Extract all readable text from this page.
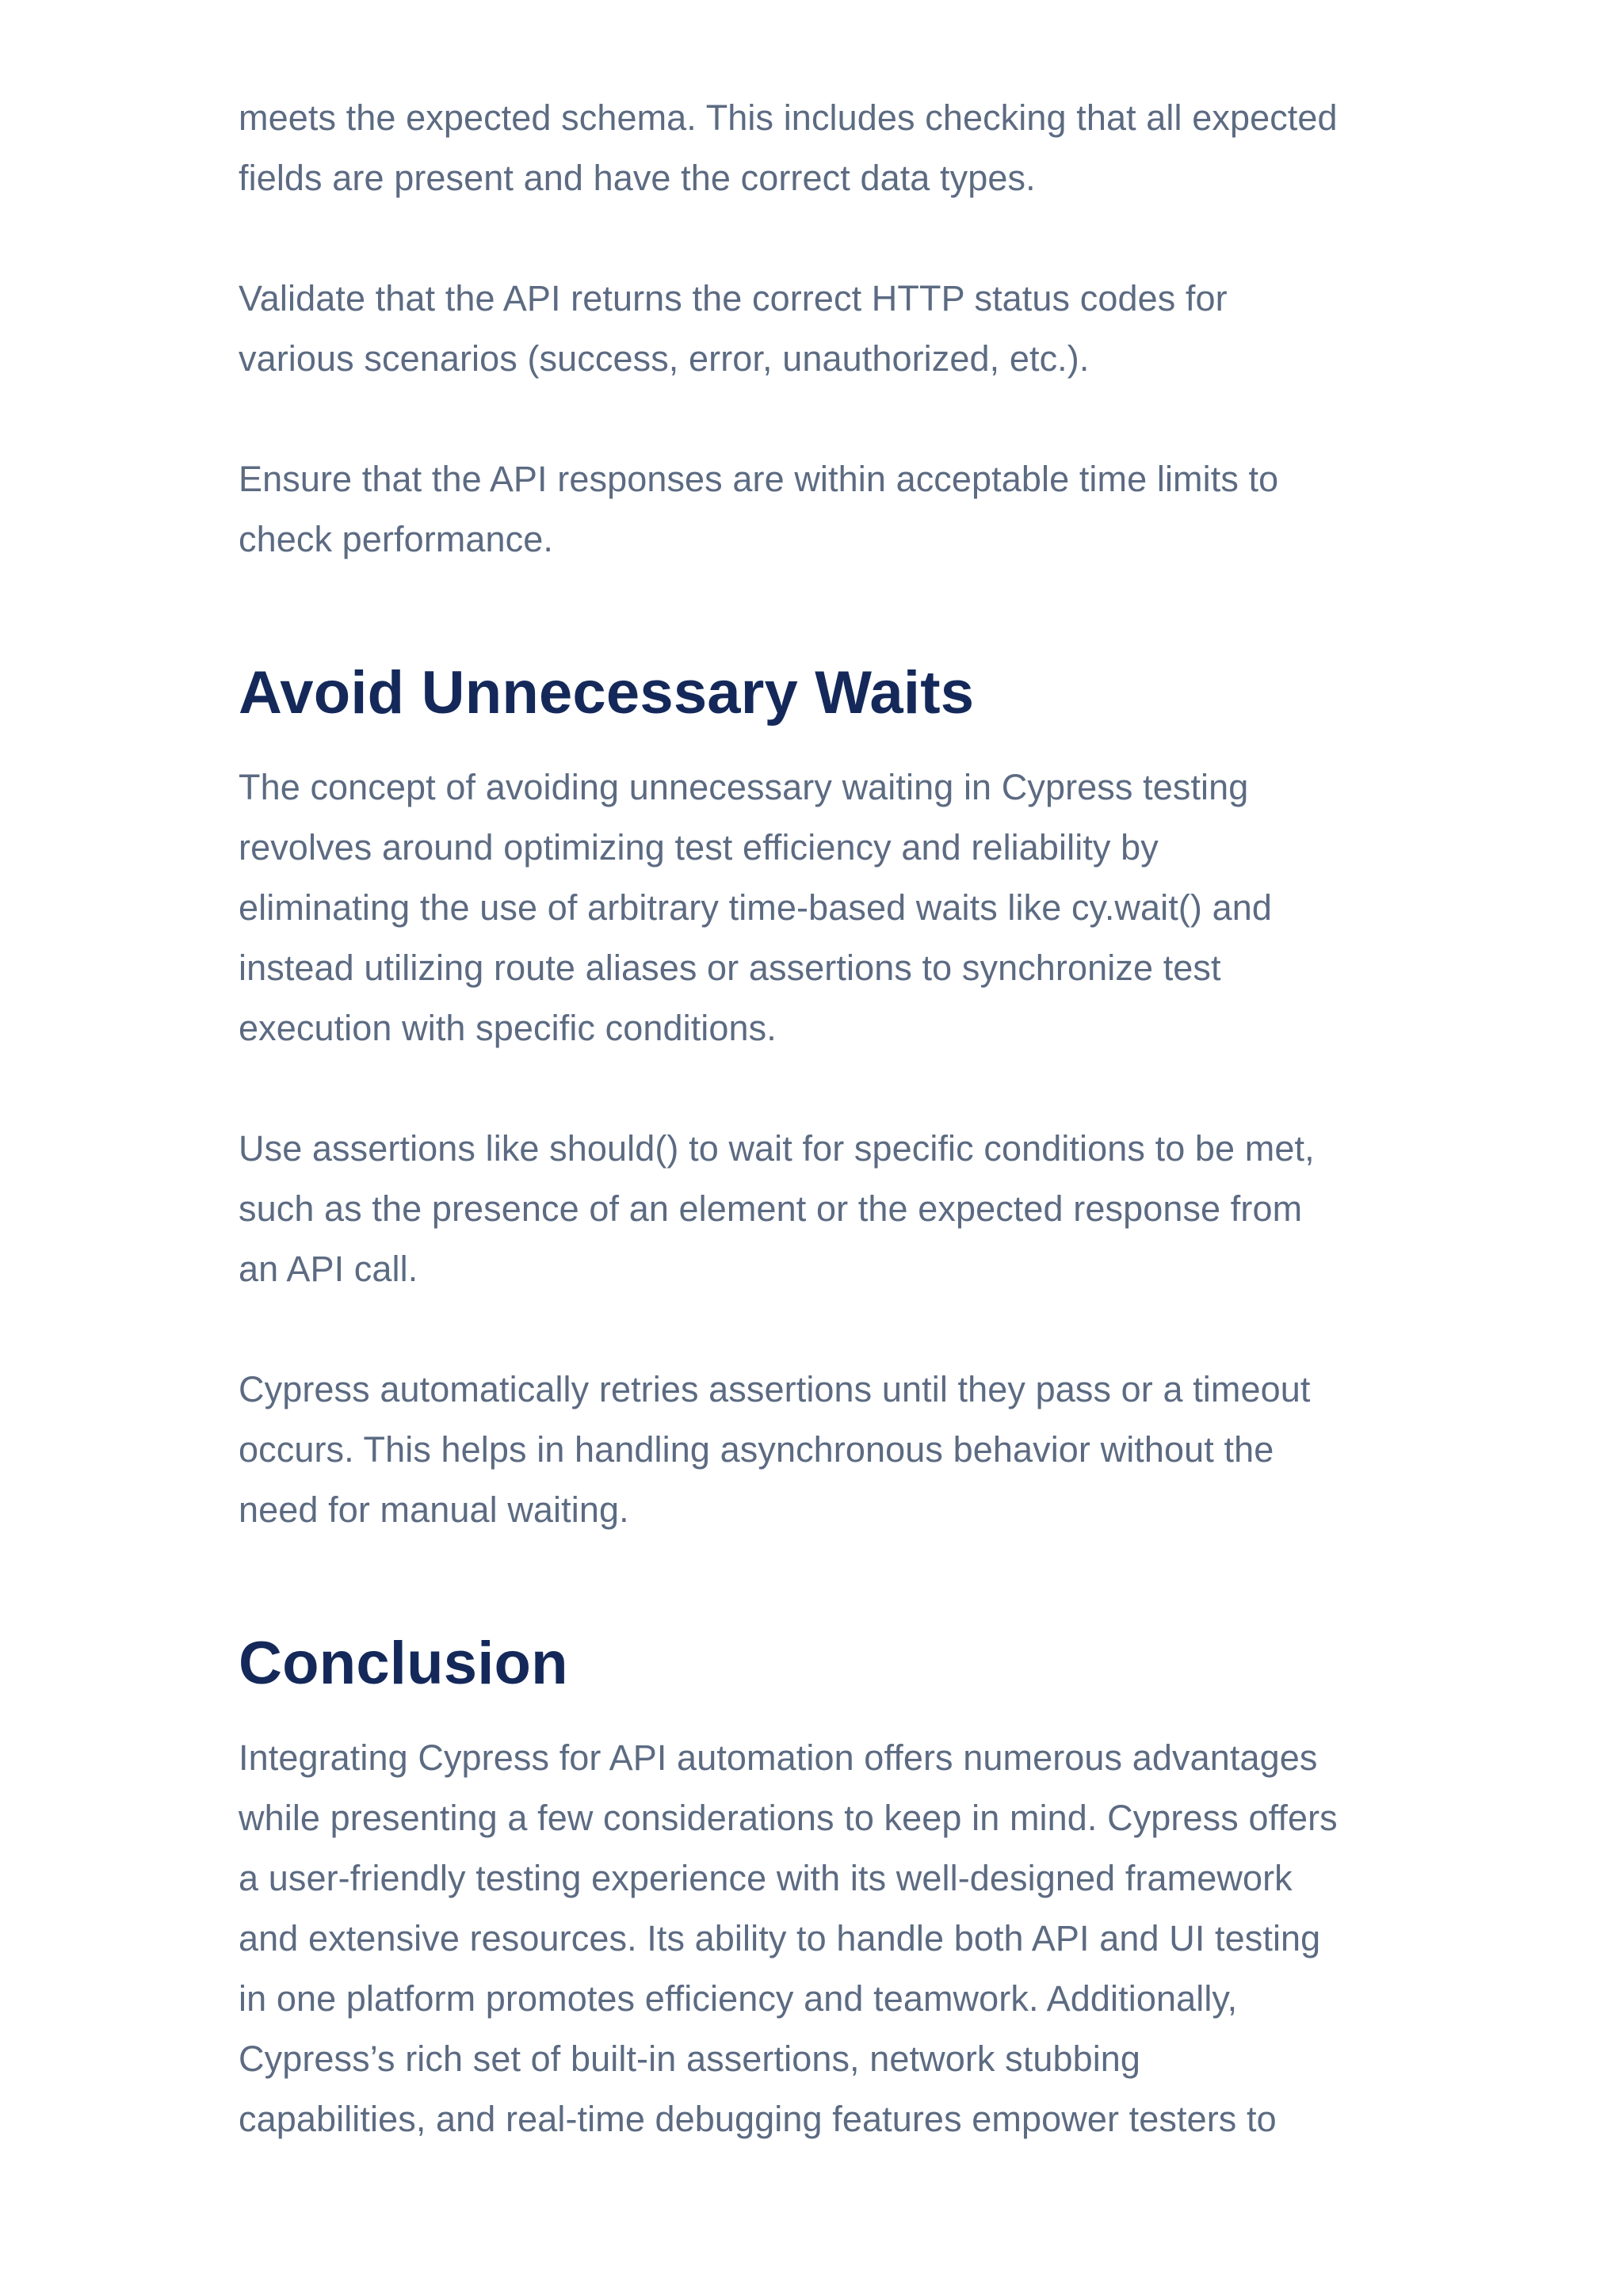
meets the expected schema. This includes checking that all expected
fields are present and have the correct data types.

Validate that the API returns the correct HTTP status codes for
various scenarios (success, error, unauthorized, etc.).

Ensure that the API responses are within acceptable time limits to
check performance.

Avoid Unnecessary Waits

The concept of avoiding unnecessary waiting in Cypress testing
revolves around optimizing test efficiency and reliability by
eliminating the use of arbitrary time-based waits like cy.wait() and
instead utilizing route aliases or assertions to synchronize test
execution with specific conditions.

Use assertions like should() to wait for specific conditions to be met,
such as the presence of an element or the expected response from
an API call.

Cypress automatically retries assertions until they pass or a timeout
occurs. This helps in handling asynchronous behavior without the
need for manual waiting.

Conclusion

Integrating Cypress for API automation offers numerous advantages
while presenting a few considerations to keep in mind. Cypress offers
a user-friendly testing experience with its well-designed framework
and extensive resources. Its ability to handle both API and UI testing
in one platform promotes efficiency and teamwork. Additionally,
Cypress’s rich set of built-in assertions, network stubbing
capabilities, and real-time debugging features empower testers to
